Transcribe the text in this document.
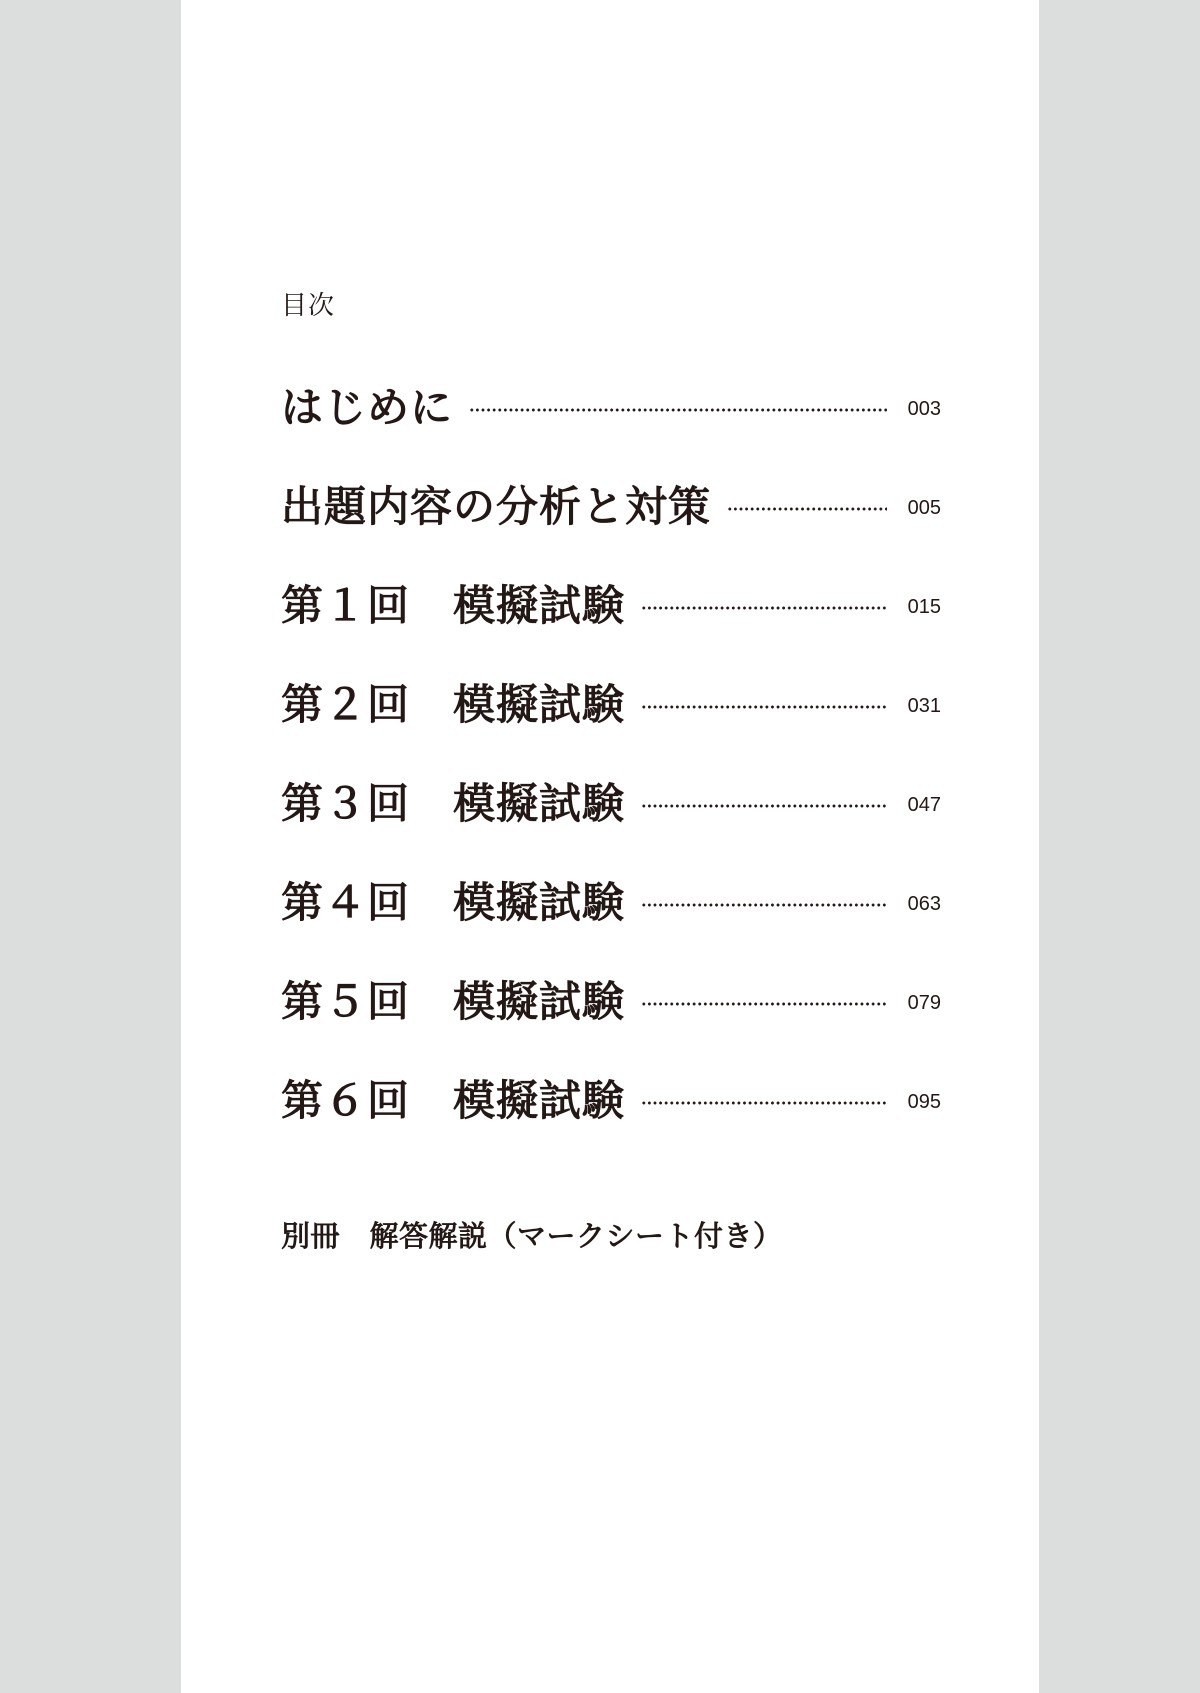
目次
はじめに	003
出題内容の分析と対策	005
第１回　模擬試験	015
第２回　模擬試験	031
第３回　模擬試験	047
第４回　模擬試験	063
第５回　模擬試験	079
第６回　模擬試験	095

別冊　解答解説（マークシート付き）
